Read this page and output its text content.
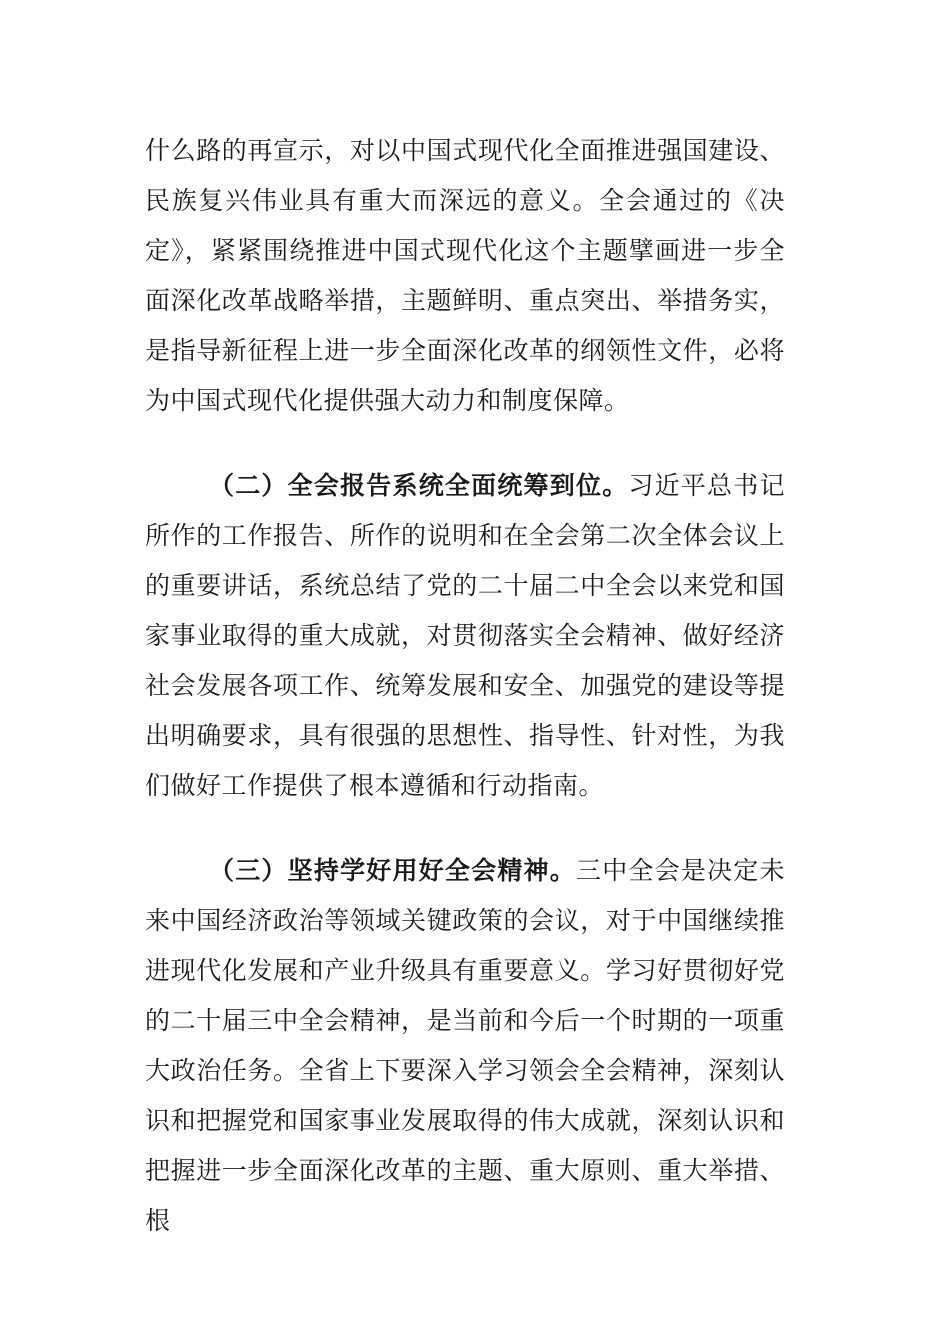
什么路的再宣示，对以中国式现代化全面推进强国建设、民族复兴伟业具有重大而深远的意义。全会通过的《决定》，紧紧围绕推进中国式现代化这个主题擘画进一步全面深化改革战略举措，主题鲜明、重点突出、举措务实，是指导新征程上进一步全面深化改革的纲领性文件，必将为中国式现代化提供强大动力和制度保障。

（二）全会报告系统全面统筹到位。习近平总书记所作的工作报告、所作的说明和在全会第二次全体会议上的重要讲话，系统总结了党的二十届二中全会以来党和国家事业取得的重大成就，对贯彻落实全会精神、做好经济社会发展各项工作、统筹发展和安全、加强党的建设等提出明确要求，具有很强的思想性、指导性、针对性，为我们做好工作提供了根本遵循和行动指南。

（三）坚持学好用好全会精神。三中全会是决定未来中国经济政治等领域关键政策的会议，对于中国继续推进现代化发展和产业升级具有重要意义。学习好贯彻好党的二十届三中全会精神，是当前和今后一个时期的一项重大政治任务。全省上下要深入学习领会全会精神，深刻认识和把握党和国家事业发展取得的伟大成就，深刻认识和把握进一步全面深化改革的主题、重大原则、重大举措、根
